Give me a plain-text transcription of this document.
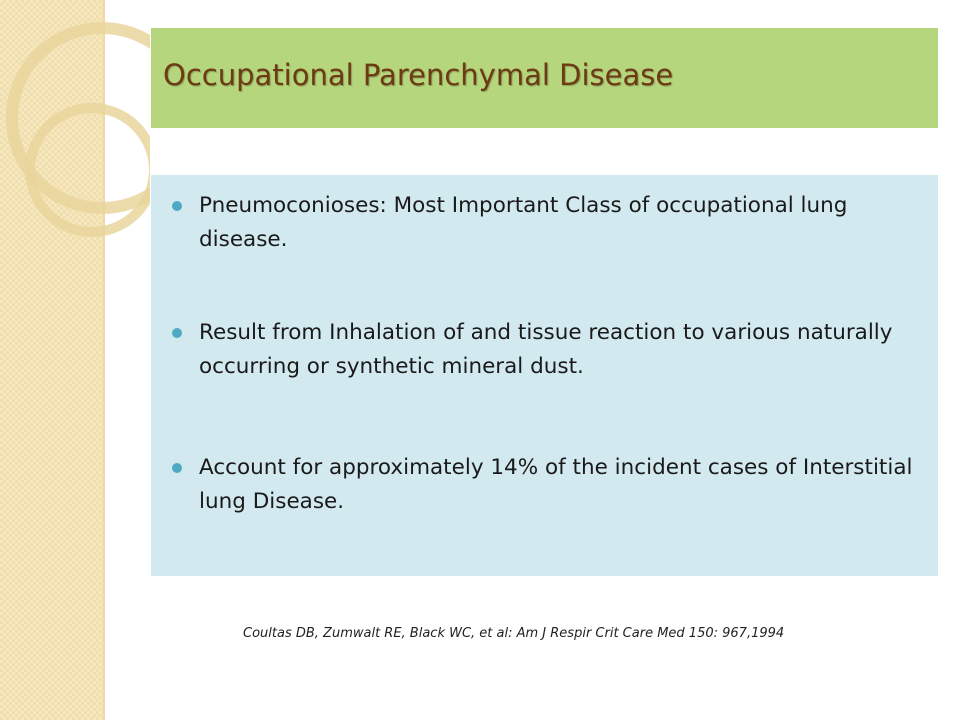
Occupational Parenchymal Disease
Pneumoconioses: Most Important Class of occupational lung disease.
Result from Inhalation of and tissue reaction to various naturally occurring or synthetic mineral dust.
Account for approximately 14% of the incident cases of Interstitial lung Disease.

Coultas DB, Zumwalt RE, Black WC, et al: Am J Respir Crit Care Med 150: 967,1994
